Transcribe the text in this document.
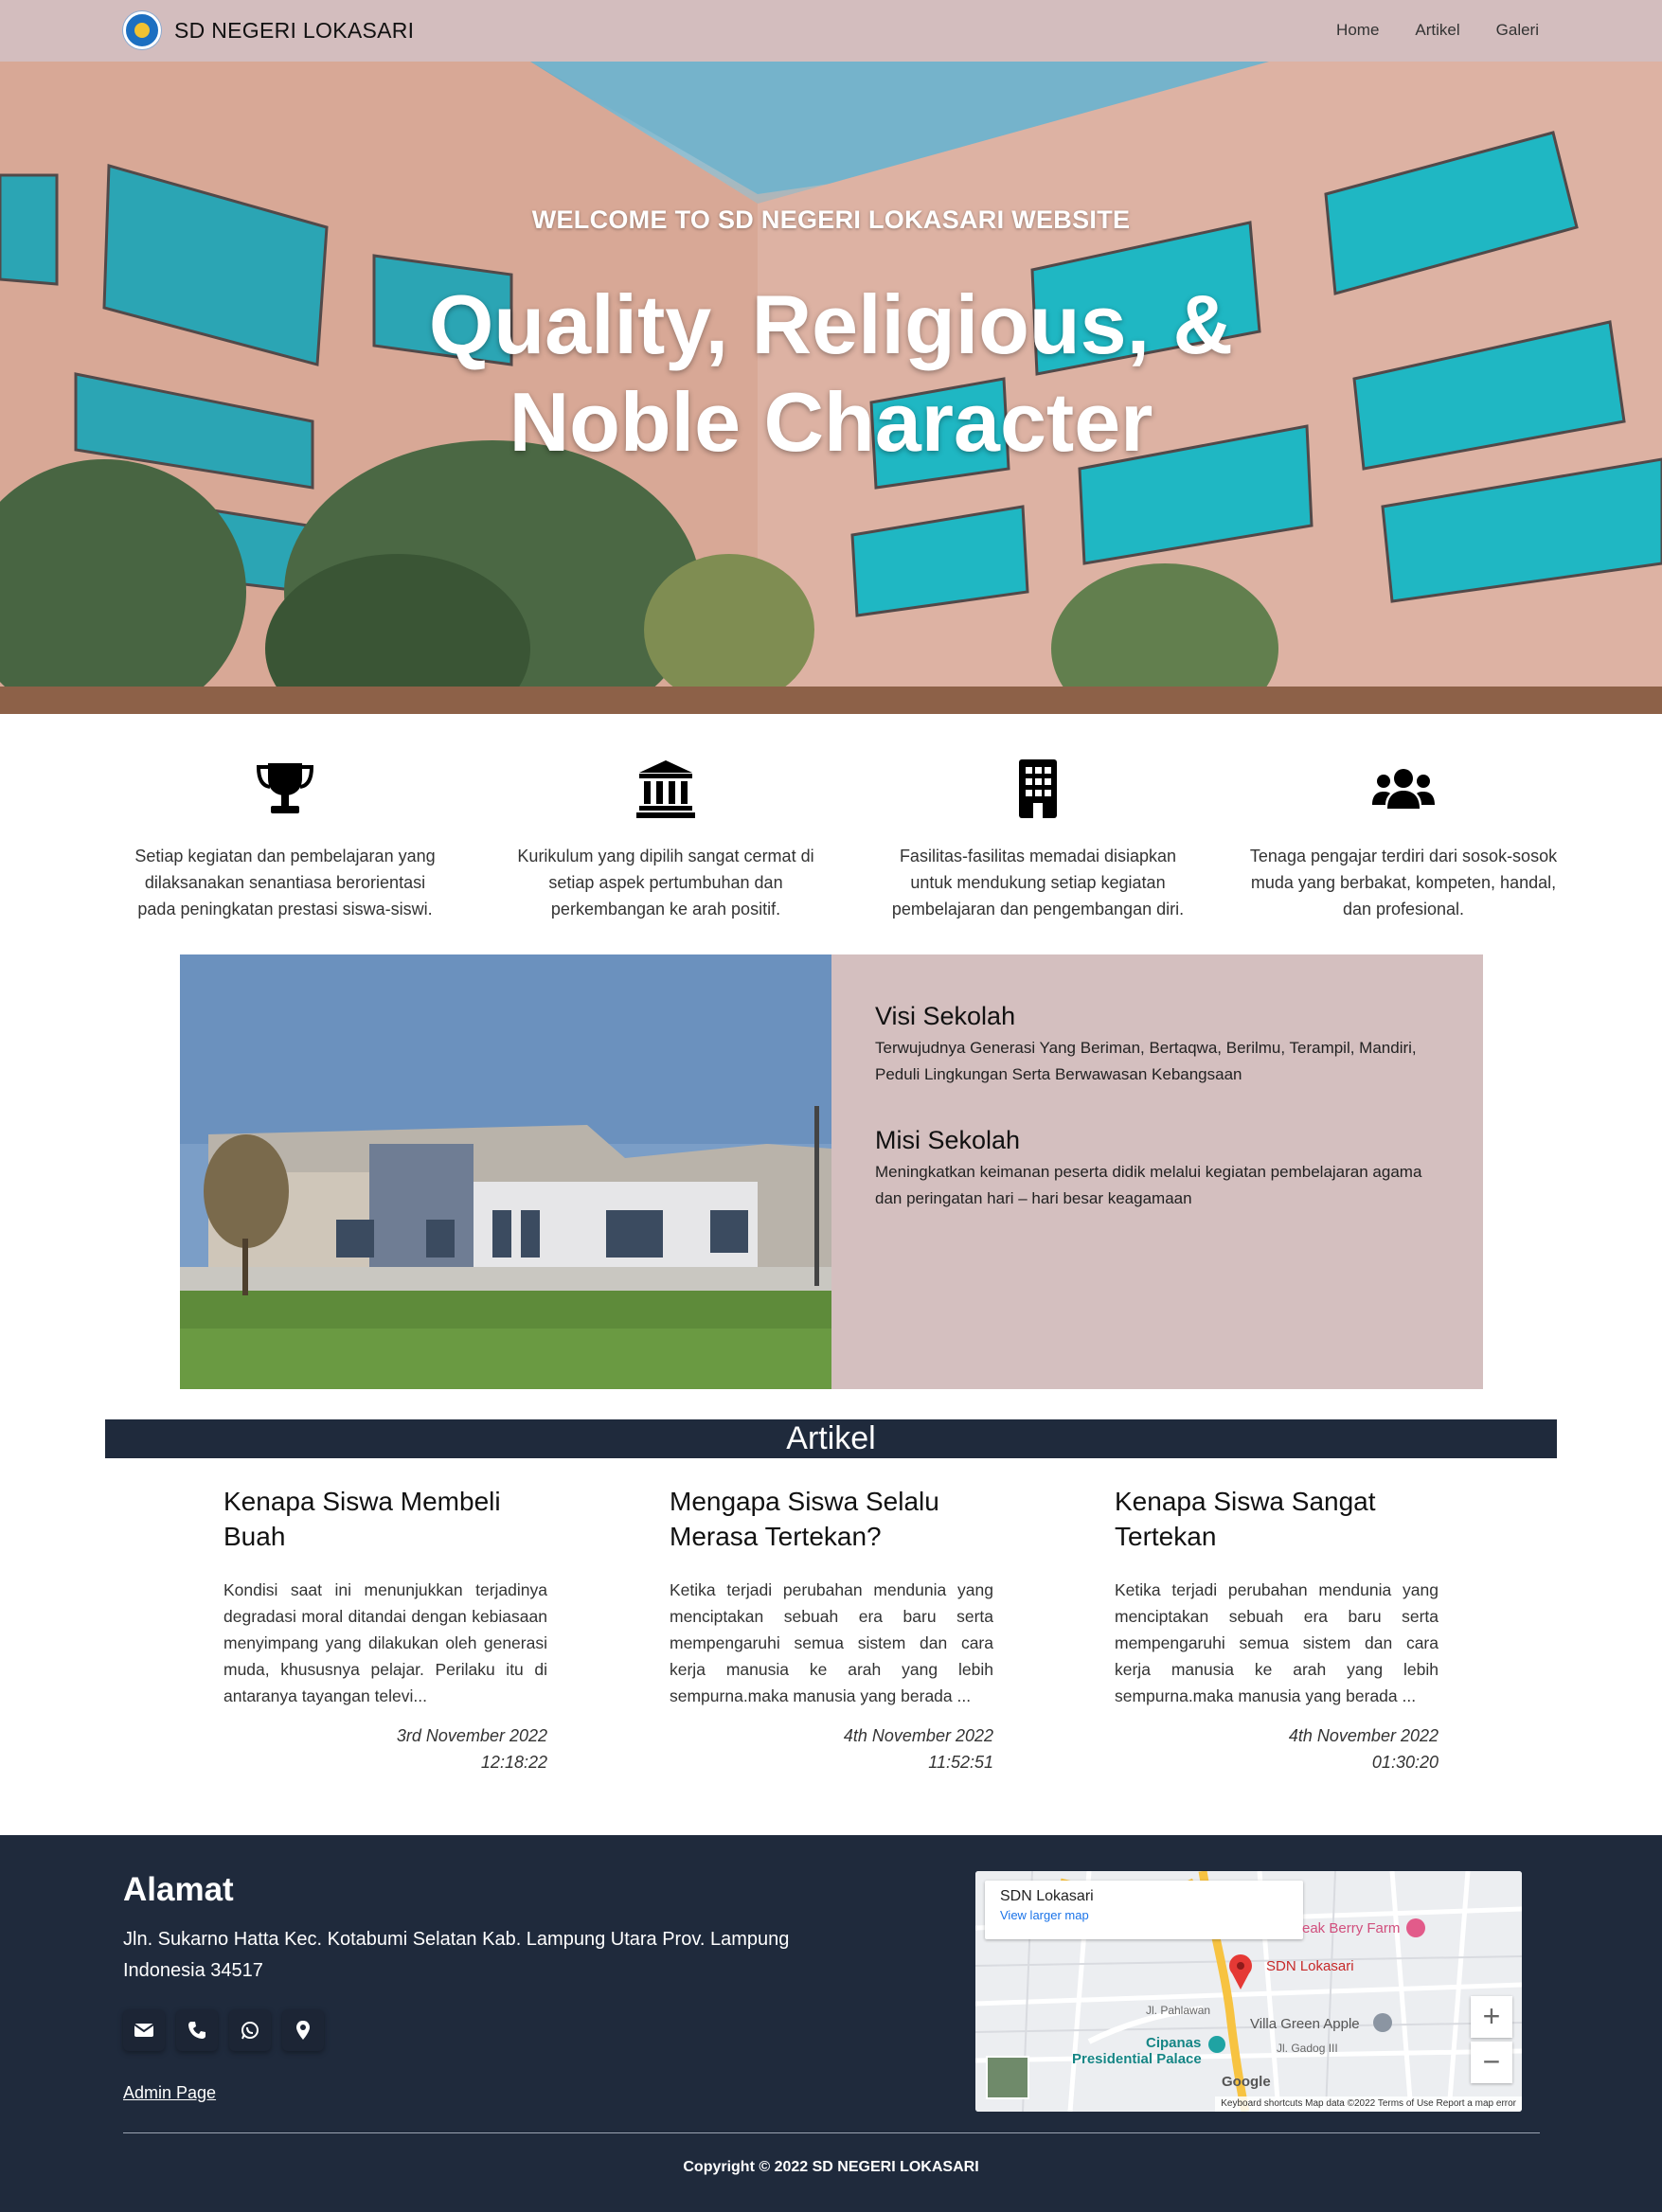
SD NEGERI LOKASARI	Home Artikel Galeri
WELCOME TO SD NEGERI LOKASARI WEBSITE
Quality, Religious, &
Noble Character

Setiap kegiatan dan pembelajaran yang dilaksanakan senantiasa berorientasi pada peningkatan prestasi siswa-siswi.

Kurikulum yang dipilih sangat cermat di setiap aspek pertumbuhan dan perkembangan ke arah positif.

Fasilitas-fasilitas memadai disiapkan untuk mendukung setiap kegiatan pembelajaran dan pengembangan diri.

Tenaga pengajar terdiri dari sosok-sosok muda yang berbakat, kompeten, handal, dan profesional.

Visi Sekolah

Terwujudnya Generasi Yang Beriman, Bertaqwa, Berilmu, Terampil, Mandiri, Peduli Lingkungan Serta Berwawasan Kebangsaan

Misi Sekolah

Meningkatkan keimanan peserta didik melalui kegiatan pembelajaran agama dan peringatan hari – hari besar keagamaan

Artikel
Kenapa Siswa Membeli Buah
Kondisi saat ini menunjukkan terjadinya degradasi moral ditandai dengan kebiasaan menyimpang yang dilakukan oleh generasi muda, khususnya pelajar. Perilaku itu di antaranya tayangan televi...
3rd November 2022
12:18:22
Mengapa Siswa Selalu Merasa Tertekan?
Ketika terjadi perubahan mendunia yang menciptakan sebuah era baru serta mempengaruhi semua sistem dan cara kerja manusia ke arah yang lebih sempurna.maka manusia yang berada ...
4th November 2022
11:52:51
Kenapa Siswa Sangat Tertekan
Ketika terjadi perubahan mendunia yang menciptakan sebuah era baru serta mempengaruhi semua sistem dan cara kerja manusia ke arah yang lebih sempurna.maka manusia yang berada ...
4th November 2022
01:30:20
Alamat
Jln. Sukarno Hatta Kec. Kotabumi Selatan Kab. Lampung Utara Prov. Lampung Indonesia 34517
Admin Page
SDN Lokasari
View larger map
eak Berry Farm
SDN Lokasari
Villa Green Apple
Cipanas
Presidential Palace
Jl. Pahlawan
Jl. Gadog III
Google
+
−
Keyboard shortcuts Map data ©2022 Terms of Use Report a map error
Copyright © 2022 SD NEGERI LOKASARI
